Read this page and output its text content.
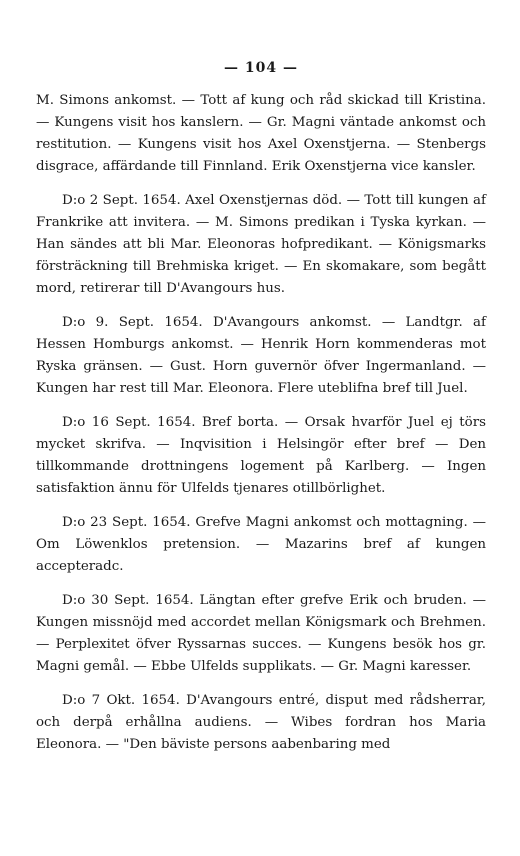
— 104 —

M. Simons ankomst. — Tott af kung och råd skickad till Kristina. — Kungens visit hos kanslern. — Gr. Magni väntade ankomst och restitution. — Kungens visit hos Axel Oxenstjerna. — Stenbergs disgrace, affärdande till Finnland. Erik Oxenstjerna vice kansler.

D:o 2 Sept. 1654. Axel Oxenstjernas död. — Tott till kungen af Frankrike att invitera. — M. Simons predikan i Tyska kyrkan. — Han sändes att bli Mar. Eleonoras hofpredikant. — Königsmarks försträckning till Brehmiska kriget. — En skomakare, som begått mord, retirerar till D'Avangours hus.

D:o 9. Sept. 1654. D'Avangours ankomst. — Landtgr. af Hessen Homburgs ankomst. — Henrik Horn kommenderas mot Ryska gränsen. — Gust. Horn guvernör öfver Ingermanland. — Kungen har rest till Mar. Eleonora. Flere uteblifna bref till Juel.

D:o 16 Sept. 1654. Bref borta. — Orsak hvarför Juel ej törs mycket skrifva. — Inqvisition i Helsingör efter bref — Den tillkommande drottningens logement på Karlberg. — Ingen satisfaktion ännu för Ulfelds tjenares otillbörlighet.

D:o 23 Sept. 1654. Grefve Magni ankomst och mottagning. — Om Löwenklos pretension. — Mazarins bref af kungen accepteradc.

D:o 30 Sept. 1654. Längtan efter grefve Erik och bruden. — Kungen missnöjd med accordet mellan Königsmark och Brehmen. — Perplexitet öfver Ryssarnas succes. — Kungens besök hos gr. Magni gemål. — Ebbe Ulfelds supplikats. — Gr. Magni karesser.

D:o 7 Okt. 1654. D'Avangours entré, disput med rådsherrar, och derpå erhållna audiens. — Wibes fordran hos Maria Eleonora. — "Den bäviste persons aabenbaring med
